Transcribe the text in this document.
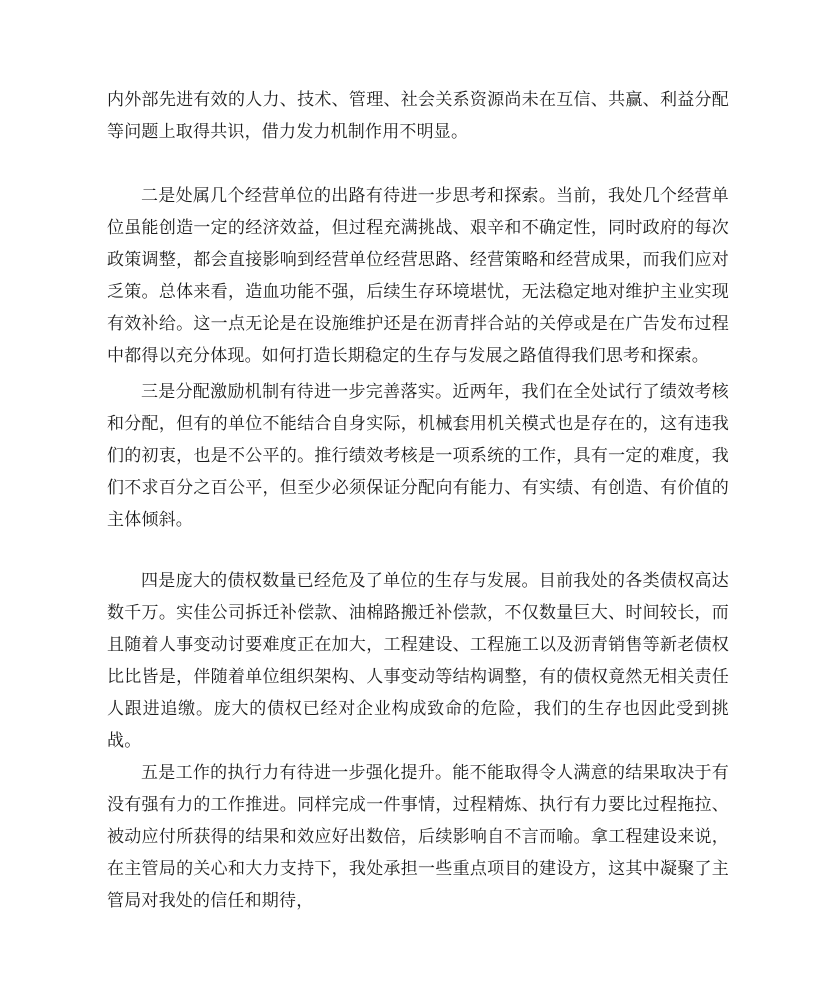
内外部先进有效的人力、技术、管理、社会关系资源尚未在互信、共赢、利益分配等问题上取得共识，借力发力机制作用不明显。

二是处属几个经营单位的出路有待进一步思考和探索。当前，我处几个经营单位虽能创造一定的经济效益，但过程充满挑战、艰辛和不确定性，同时政府的每次政策调整，都会直接影响到经营单位经营思路、经营策略和经营成果，而我们应对乏策。总体来看，造血功能不强，后续生存环境堪忧，无法稳定地对维护主业实现有效补给。这一点无论是在设施维护还是在沥青拌合站的关停或是在广告发布过程中都得以充分体现。如何打造长期稳定的生存与发展之路值得我们思考和探索。

三是分配激励机制有待进一步完善落实。近两年，我们在全处试行了绩效考核和分配，但有的单位不能结合自身实际，机械套用机关模式也是存在的，这有违我们的初衷，也是不公平的。推行绩效考核是一项系统的工作，具有一定的难度，我们不求百分之百公平，但至少必须保证分配向有能力、有实绩、有创造、有价值的主体倾斜。

四是庞大的债权数量已经危及了单位的生存与发展。目前我处的各类债权高达数千万。实佳公司拆迁补偿款、油棉路搬迁补偿款，不仅数量巨大、时间较长，而且随着人事变动讨要难度正在加大，工程建设、工程施工以及沥青销售等新老债权比比皆是，伴随着单位组织架构、人事变动等结构调整，有的债权竟然无相关责任人跟进追缴。庞大的债权已经对企业构成致命的危险，我们的生存也因此受到挑战。

五是工作的执行力有待进一步强化提升。能不能取得令人满意的结果取决于有没有强有力的工作推进。同样完成一件事情，过程精炼、执行有力要比过程拖拉、被动应付所获得的结果和效应好出数倍，后续影响自不言而喻。拿工程建设来说，在主管局的关心和大力支持下，我处承担一些重点项目的建设方，这其中凝聚了主管局对我处的信任和期待，
